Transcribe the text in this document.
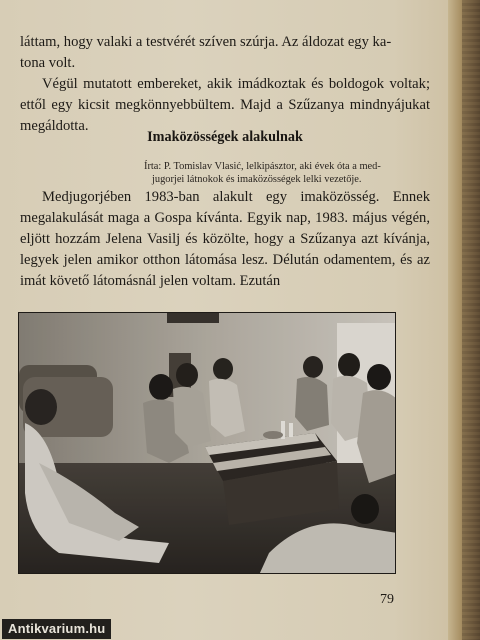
láttam, hogy valaki a testvérét szíven szúrja. Az áldozat egy ka-
tona volt.
Végül mutatott embereket, akik imádkoztak és boldogok voltak; ettől egy kicsit megkönnyebbültem. Majd a Szűzanya mindnyájukat megáldotta.
Imaközösségek alakulnak
Írta: P. Tomislav Vlasić, lelkipásztor, aki évek óta a med-
jugorjei látnokok és imaközösségek lelki vezetője.
Medjugorjében 1983-ban alakult egy imaközösség. Ennek megalakulását maga a Gospa kívánta. Egyik nap, 1983. május végén, eljött hozzám Jelena Vasilj és közölte, hogy a Szűzanya azt kívánja, legyek jelen amikor otthon látomása lesz. Délután odamentem, és az imát követő látomásnál jelen voltam. Ezután
79
Antikvarium.hu
